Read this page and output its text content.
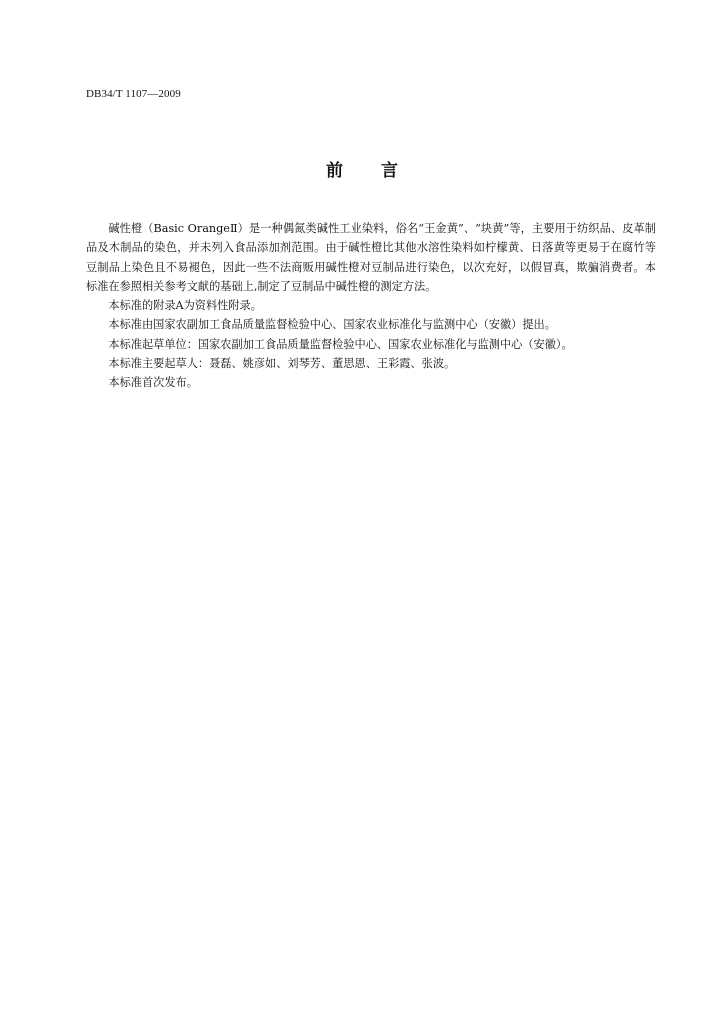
DB34/T 1107—2009
前 言

碱性橙（Basic OrangeⅡ）是一种偶氮类碱性工业染料，俗名“王金黄”、“块黄”等，主要用于纺织品、皮革制品及木制品的染色，并未列入食品添加剂范围。由于碱性橙比其他水溶性染料如柠檬黄、日落黄等更易于在腐竹等豆制品上染色且不易褪色，因此一些不法商贩用碱性橙对豆制品进行染色，以次充好，以假冒真，欺骗消费者。本标准在参照相关参考文献的基础上,制定了豆制品中碱性橙的测定方法。

本标准的附录A为资料性附录。

本标准由国家农副加工食品质量监督检验中心、国家农业标准化与监测中心（安徽）提出。

本标准起草单位：国家农副加工食品质量监督检验中心、国家农业标准化与监测中心（安徽）。

本标准主要起草人：聂磊、姚彦如、刘琴芳、董思恩、王彩霞、张波。

本标准首次发布。
